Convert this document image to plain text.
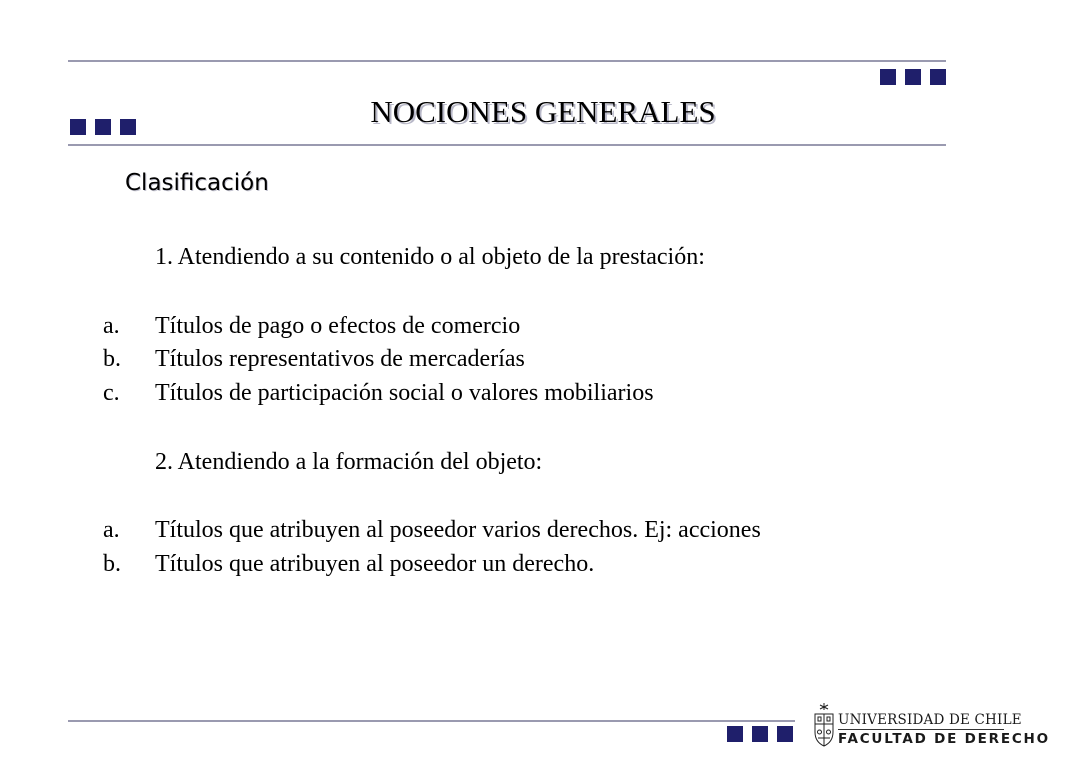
NOCIONES GENERALES
Clasificación
1. Atendiendo a su contenido o al objeto de la prestación:
a. Títulos de pago o efectos de comercio
b. Títulos representativos de mercaderías
c. Títulos de participación social o valores mobiliarios
2. Atendiendo a la formación del objeto:
a. Títulos que atribuyen al poseedor varios derechos. Ej: acciones
b. Títulos que atribuyen al poseedor un derecho.
UNIVERSIDAD DE CHILE
FACULTAD DE DERECHO
